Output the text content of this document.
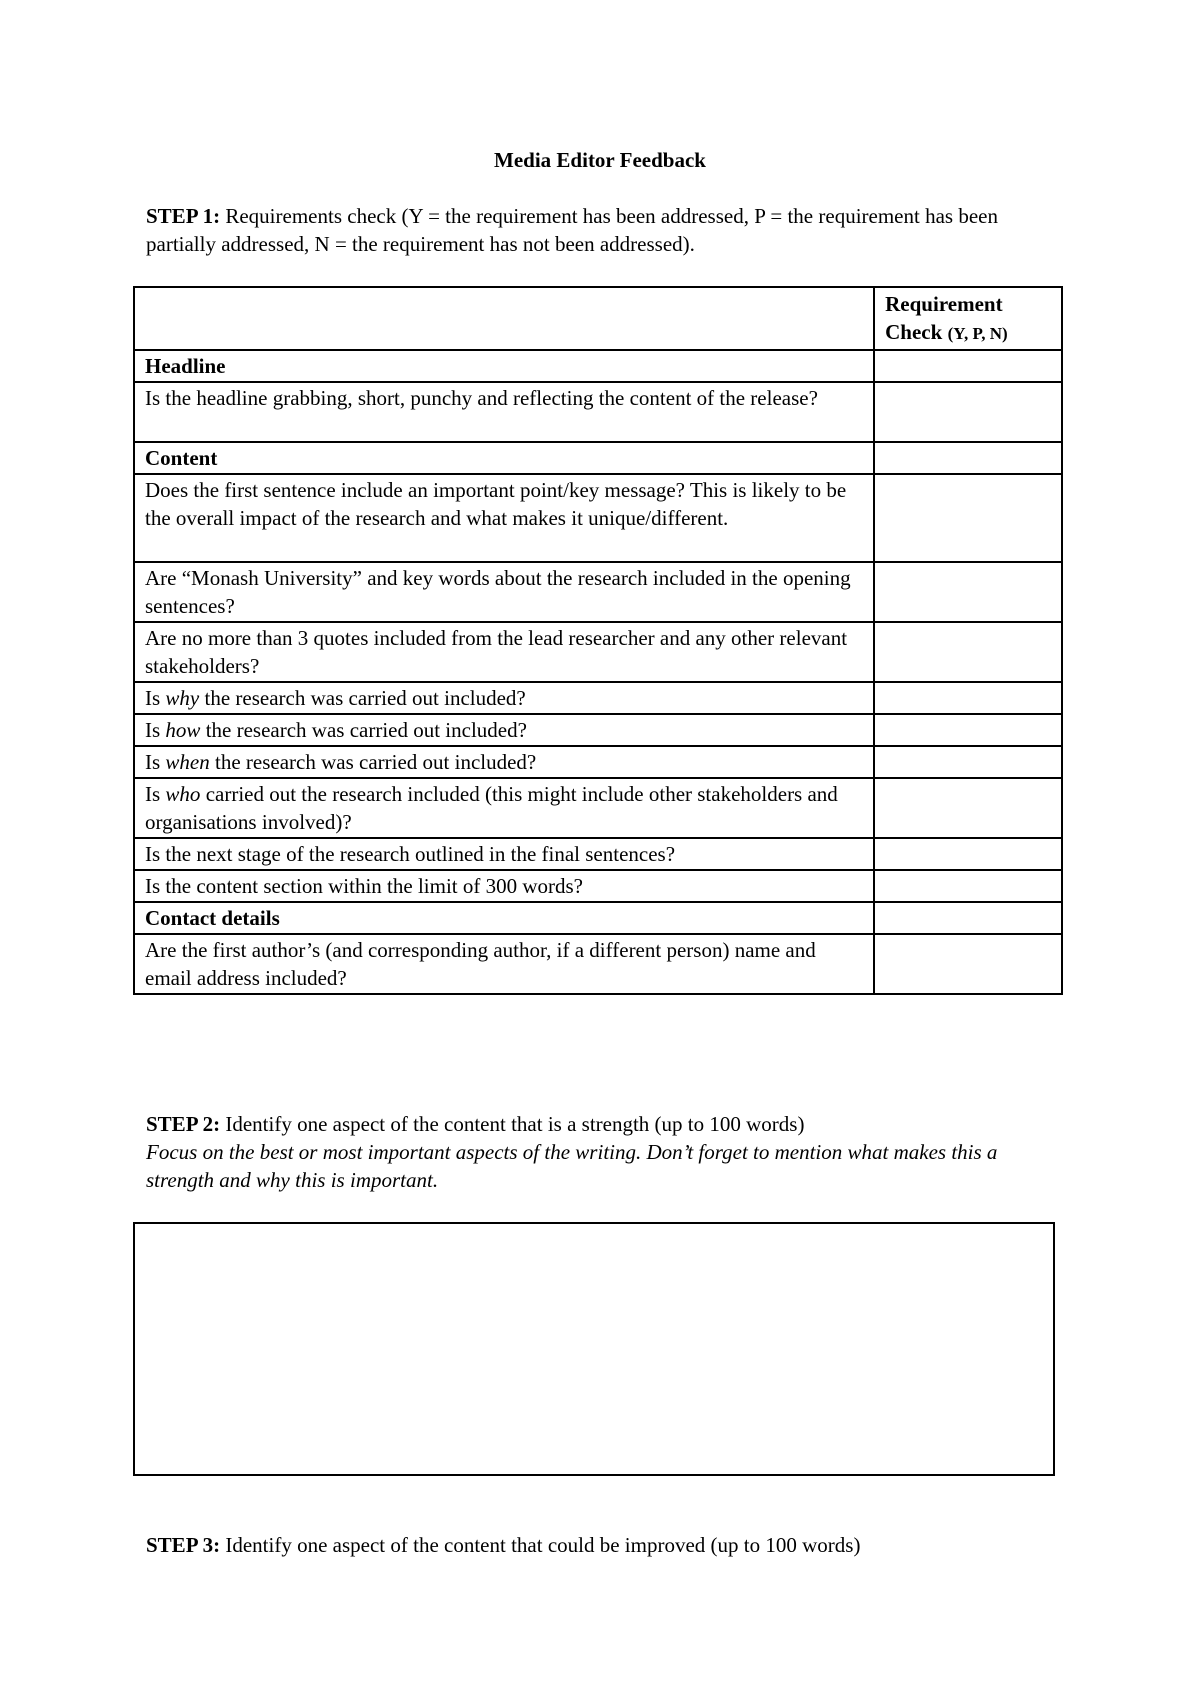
Media Editor Feedback

STEP 1: Requirements check (Y = the requirement has been addressed, P = the requirement has been partially addressed, N = the requirement has not been addressed).

	Requirement Check (Y, P, N)
Headline	
Is the headline grabbing, short, punchy and reflecting the content of the release?	
Content	
Does the first sentence include an important point/key message? This is likely to be the overall impact of the research and what makes it unique/different.	
Are “Monash University” and key words about the research included in the opening sentences?	
Are no more than 3 quotes included from the lead researcher and any other relevant stakeholders?	
Is why the research was carried out included?	
Is how the research was carried out included?	
Is when the research was carried out included?	
Is who carried out the research included (this might include other stakeholders and organisations involved)?	
Is the next stage of the research outlined in the final sentences?	
Is the content section within the limit of 300 words?	
Contact details	
Are the first author’s (and corresponding author, if a different person) name and email address included?	

STEP 2: Identify one aspect of the content that is a strength (up to 100 words)
Focus on the best or most important aspects of the writing. Don’t forget to mention what makes this a strength and why this is important.

STEP 3: Identify one aspect of the content that could be improved (up to 100 words)
